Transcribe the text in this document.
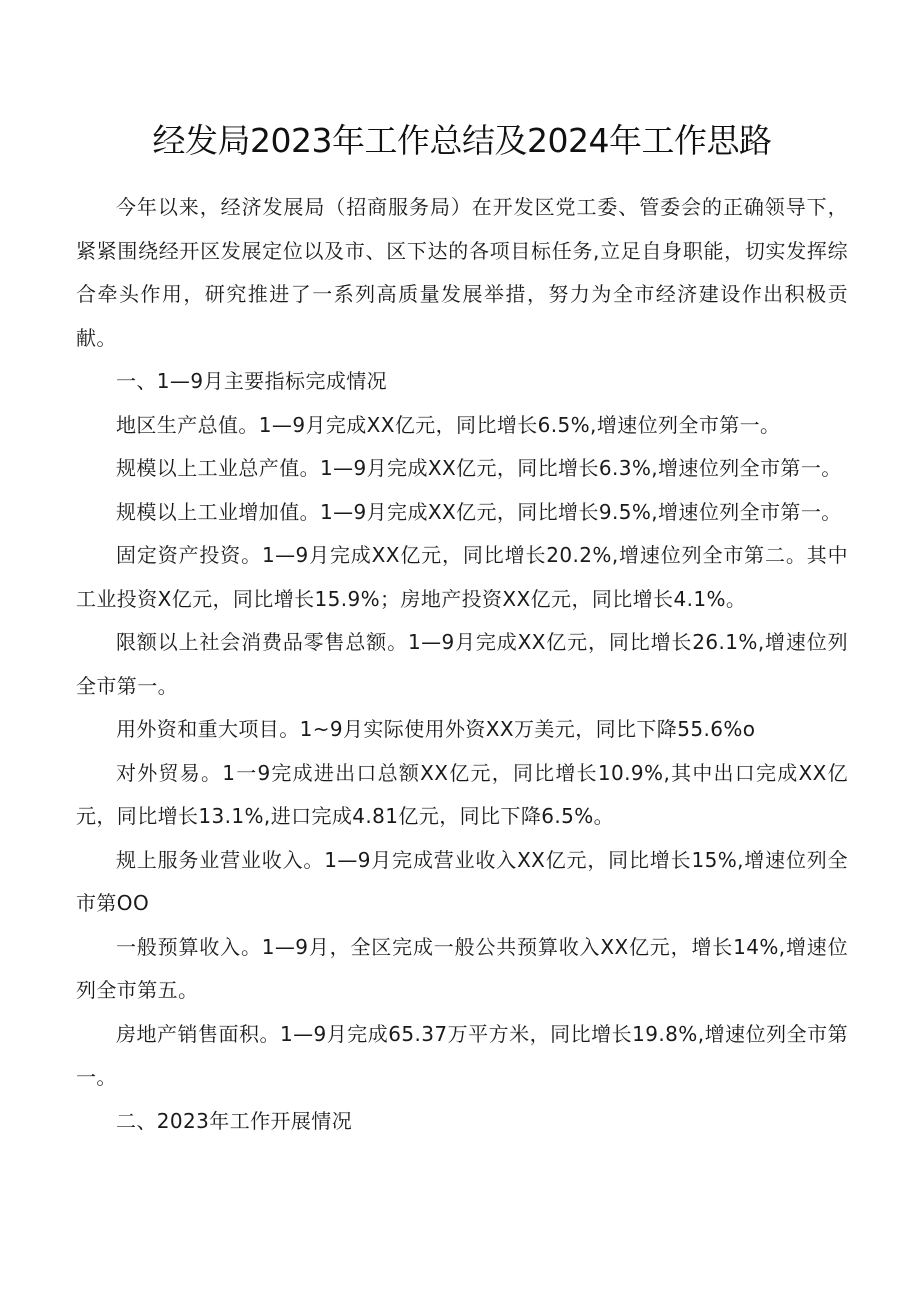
经发局2023年工作总结及2024年工作思路

今年以来，经济发展局（招商服务局）在开发区党工委、管委会的正确领导下，紧紧围绕经开区发展定位以及市、区下达的各项目标任务,立足自身职能，切实发挥综合牵头作用，研究推进了一系列高质量发展举措，努力为全市经济建设作出积极贡献。

一、1—9月主要指标完成情况

地区生产总值。1—9月完成XX亿元，同比增长6.5%,增速位列全市第一。

规模以上工业总产值。1—9月完成XX亿元，同比增长6.3%,增速位列全市第一。

规模以上工业增加值。1—9月完成XX亿元，同比增长9.5%,增速位列全市第一。

固定资产投资。1—9月完成XX亿元，同比增长20.2%,增速位列全市第二。其中工业投资X亿元，同比增长15.9%；房地产投资XX亿元，同比增长4.1%。

限额以上社会消费品零售总额。1—9月完成XX亿元，同比增长26.1%,增速位列全市第一。

用外资和重大项目。1~9月实际使用外资XX万美元，同比下降55.6%o

对外贸易。1一9完成进出口总额XX亿元，同比增长10.9%,其中出口完成XX亿元，同比增长13.1%,进口完成4.81亿元，同比下降6.5%。

规上服务业营业收入。1—9月完成营业收入XX亿元，同比增长15%,增速位列全市第OO

一般预算收入。1—9月，全区完成一般公共预算收入XX亿元，增长14%,增速位列全市第五。

房地产销售面积。1—9月完成65.37万平方米，同比增长19.8%,增速位列全市第一。

二、2023年工作开展情况
